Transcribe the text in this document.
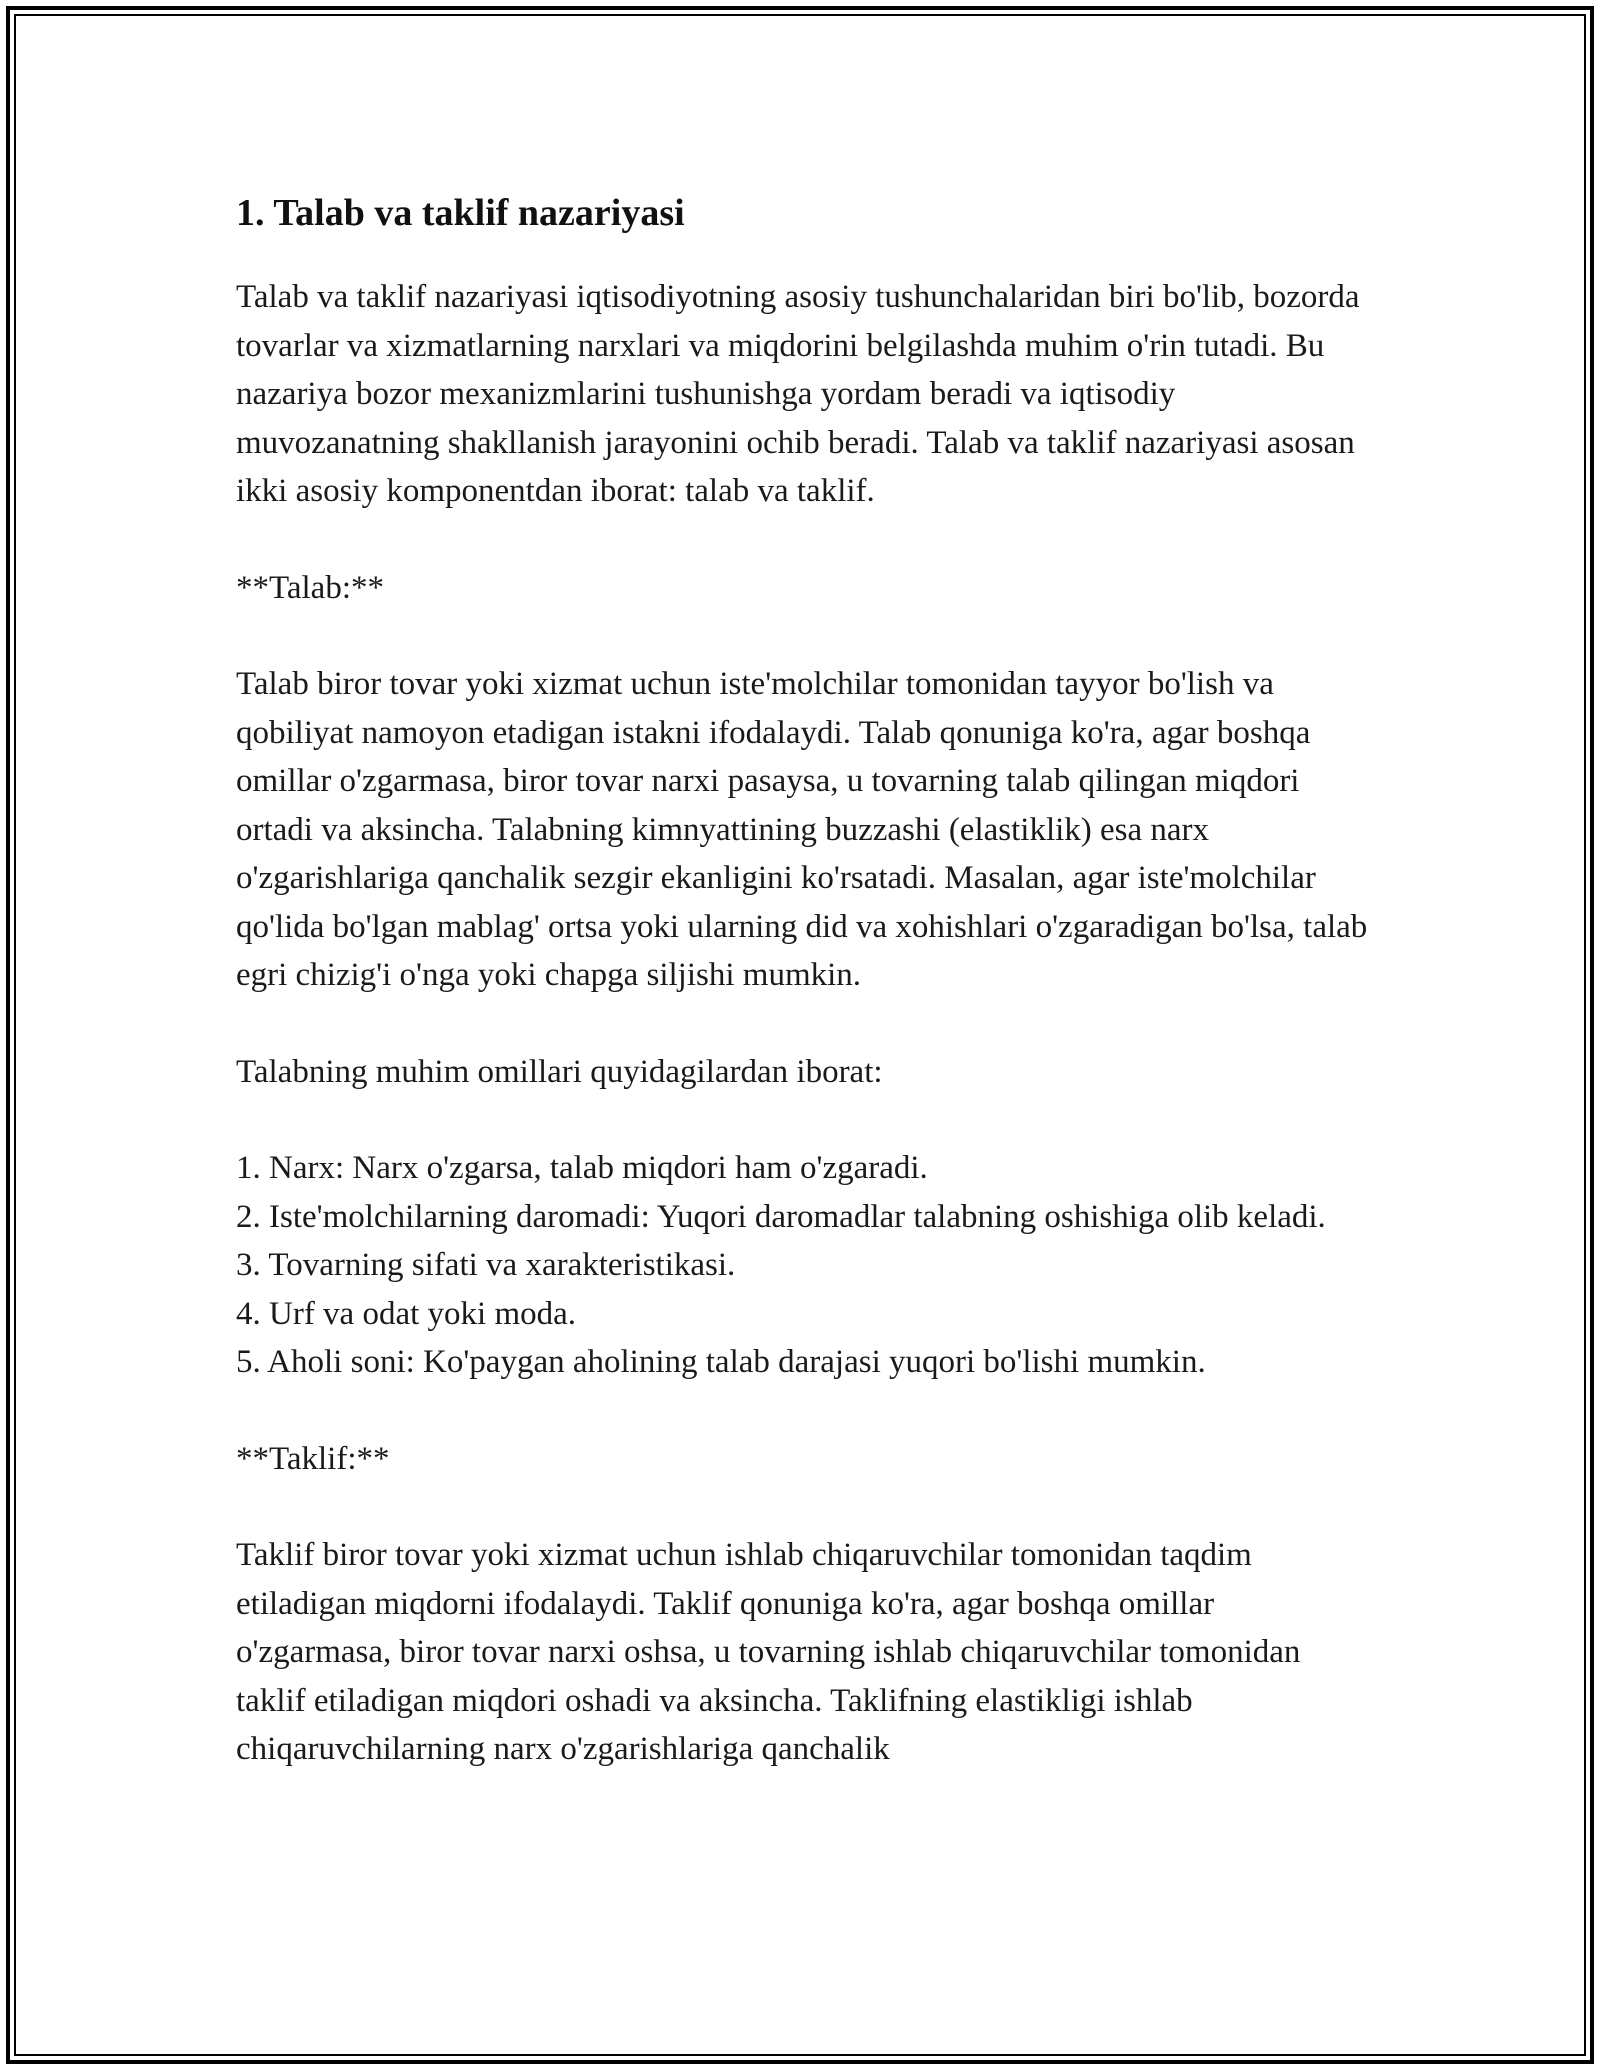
1. Talab va taklif nazariyasi

Talab va taklif nazariyasi iqtisodiyotning asosiy tushunchalaridan biri bo'lib, bozorda tovarlar va xizmatlarning narxlari va miqdorini belgilashda muhim o'rin tutadi. Bu nazariya bozor mexanizmlarini tushunishga yordam beradi va iqtisodiy muvozanatning shakllanish jarayonini ochib beradi. Talab va taklif nazariyasi asosan ikki asosiy komponentdan iborat: talab va taklif.

**Talab:**

Talab biror tovar yoki xizmat uchun iste'molchilar tomonidan tayyor bo'lish va qobiliyat namoyon etadigan istakni ifodalaydi. Talab qonuniga ko'ra, agar boshqa omillar o'zgarmasa, biror tovar narxi pasaysa, u tovarning talab qilingan miqdori ortadi va aksincha. Talabning kimnyattining buzzashi (elastiklik) esa narx o'zgarishlariga qanchalik sezgir ekanligini ko'rsatadi. Masalan, agar iste'molchilar qo'lida bo'lgan mablag' ortsa yoki ularning did va xohishlari o'zgaradigan bo'lsa, talab egri chizig'i o'nga yoki chapga siljishi mumkin.

Talabning muhim omillari quyidagilardan iborat:

1. Narx: Narx o'zgarsa, talab miqdori ham o'zgaradi.
2. Iste'molchilarning daromadi: Yuqori daromadlar talabning oshishiga olib keladi.
3. Tovarning sifati va xarakteristikasi.
4. Urf va odat yoki moda.
5. Aholi soni: Ko'paygan aholining talab darajasi yuqori bo'lishi mumkin.

**Taklif:**

Taklif biror tovar yoki xizmat uchun ishlab chiqaruvchilar tomonidan taqdim etiladigan miqdorni ifodalaydi. Taklif qonuniga ko'ra, agar boshqa omillar o'zgarmasa, biror tovar narxi oshsa, u tovarning ishlab chiqaruvchilar tomonidan taklif etiladigan miqdori oshadi va aksincha. Taklifning elastikligi ishlab chiqaruvchilarning narx o'zgarishlariga qanchalik
